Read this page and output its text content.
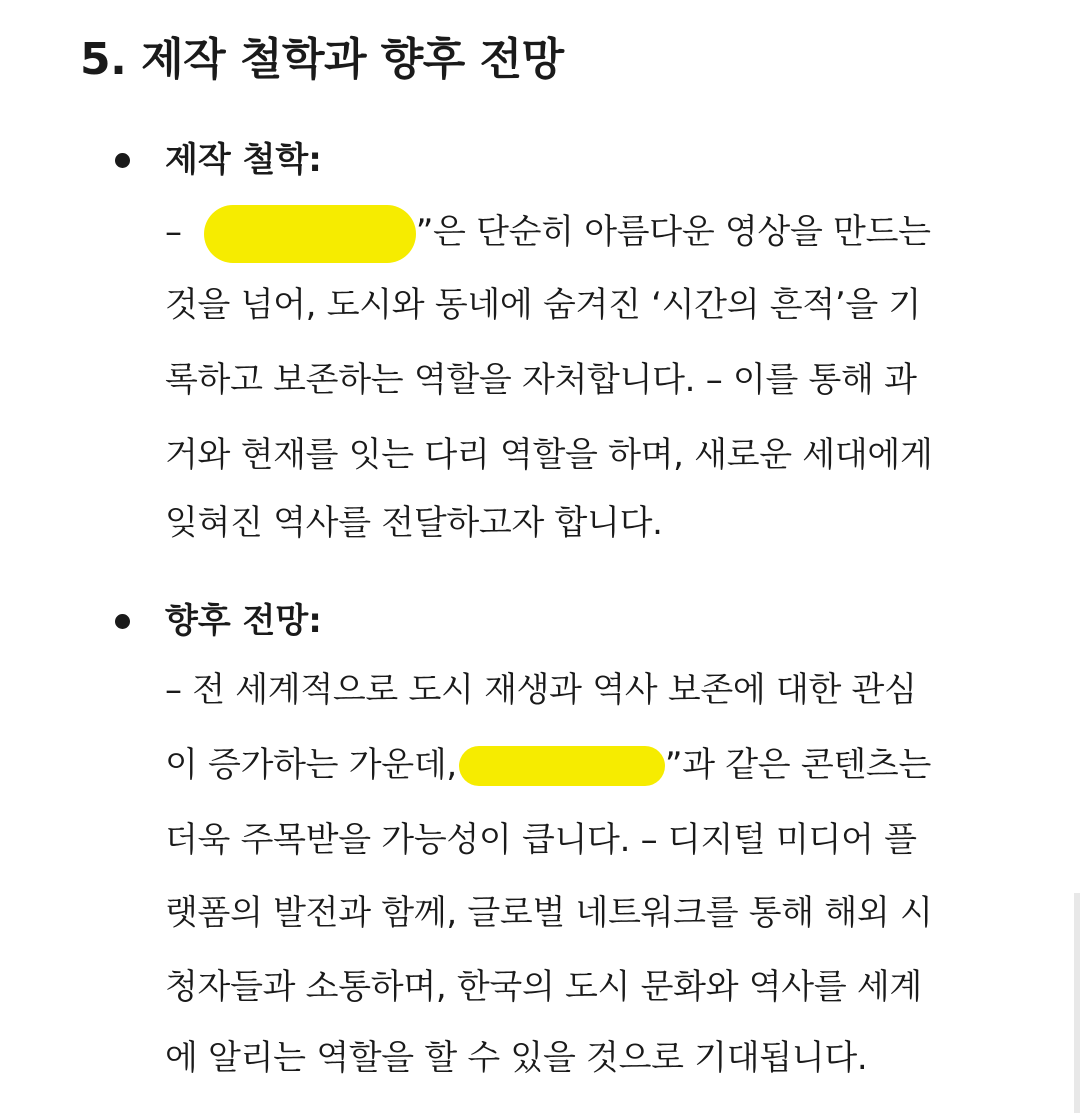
5. 제작 철학과 향후 전망
제작 철학:
–	”은 단순히 아름다운 영상을 만드는
것을 넘어, 도시와 동네에 숨겨진 ‘시간의 흔적’을 기
록하고 보존하는 역할을 자처합니다. – 이를 통해 과
거와 현재를 잇는 다리 역할을 하며, 새로운 세대에게
잊혀진 역사를 전달하고자 합니다.
향후 전망:
– 전 세계적으로 도시 재생과 역사 보존에 대한 관심
이 증가하는 가운데,	”과 같은 콘텐츠는
더욱 주목받을 가능성이 큽니다. – 디지털 미디어 플
랫폼의 발전과 함께, 글로벌 네트워크를 통해 해외 시
청자들과 소통하며, 한국의 도시 문화와 역사를 세계
에 알리는 역할을 할 수 있을 것으로 기대됩니다.
